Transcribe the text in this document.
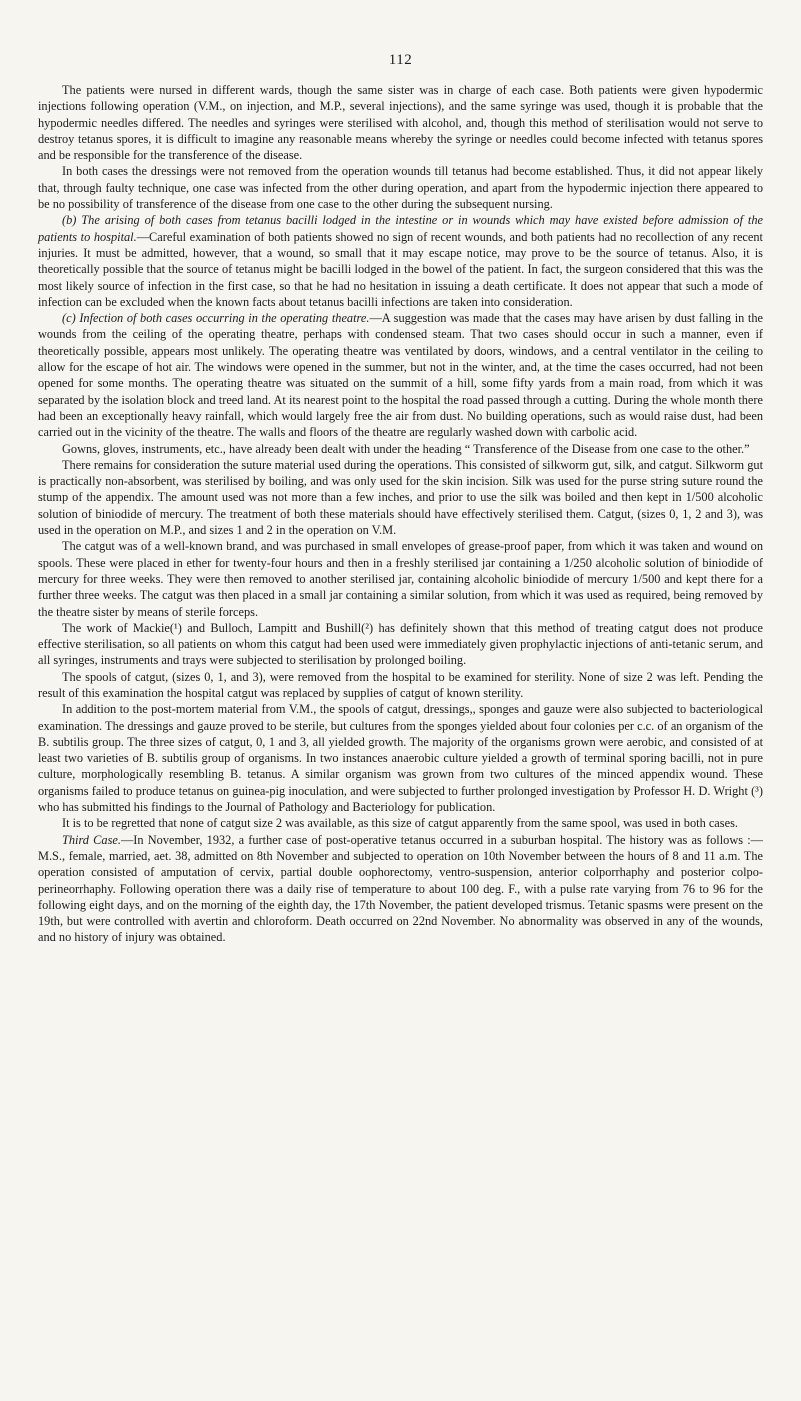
112

The patients were nursed in different wards, though the same sister was in charge of each case. Both patients were given hypodermic injections following operation (V.M., on injection, and M.P., several injections), and the same syringe was used, though it is probable that the hypodermic needles differed. The needles and syringes were sterilised with alcohol, and, though this method of sterilisation would not serve to destroy tetanus spores, it is difficult to imagine any reasonable means whereby the syringe or needles could become infected with tetanus spores and be responsible for the transference of the disease.

In both cases the dressings were not removed from the operation wounds till tetanus had become established. Thus, it did not appear likely that, through faulty technique, one case was infected from the other during operation, and apart from the hypodermic injection there appeared to be no possibility of transference of the disease from one case to the other during the subsequent nursing.

(b) The arising of both cases from tetanus bacilli lodged in the intestine or in wounds which may have existed before admission of the patients to hospital.—Careful examination of both patients showed no sign of recent wounds, and both patients had no recollection of any recent injuries. It must be admitted, however, that a wound, so small that it may escape notice, may prove to be the source of tetanus. Also, it is theoretically possible that the source of tetanus might be bacilli lodged in the bowel of the patient. In fact, the surgeon considered that this was the most likely source of infection in the first case, so that he had no hesitation in issuing a death certificate. It does not appear that such a mode of infection can be excluded when the known facts about tetanus bacilli infections are taken into consideration.

(c) Infection of both cases occurring in the operating theatre.—A suggestion was made that the cases may have arisen by dust falling in the wounds from the ceiling of the operating theatre, perhaps with condensed steam. That two cases should occur in such a manner, even if theoretically possible, appears most unlikely. The operating theatre was ventilated by doors, windows, and a central ventilator in the ceiling to allow for the escape of hot air. The windows were opened in the summer, but not in the winter, and, at the time the cases occurred, had not been opened for some months. The operating theatre was situated on the summit of a hill, some fifty yards from a main road, from which it was separated by the isolation block and treed land. At its nearest point to the hospital the road passed through a cutting. During the whole month there had been an exceptionally heavy rainfall, which would largely free the air from dust. No building operations, such as would raise dust, had been carried out in the vicinity of the theatre. The walls and floors of the theatre are regularly washed down with carbolic acid.

Gowns, gloves, instruments, etc., have already been dealt with under the heading “ Transference of the Disease from one case to the other.”

There remains for consideration the suture material used during the operations. This consisted of silkworm gut, silk, and catgut. Silkworm gut is practically non-absorbent, was sterilised by boiling, and was only used for the skin incision. Silk was used for the purse string suture round the stump of the appendix. The amount used was not more than a few inches, and prior to use the silk was boiled and then kept in 1/500 alcoholic solution of biniodide of mercury. The treatment of both these materials should have effectively sterilised them. Catgut, (sizes 0, 1, 2 and 3), was used in the operation on M.P., and sizes 1 and 2 in the operation on V.M.

The catgut was of a well-known brand, and was purchased in small envelopes of grease-proof paper, from which it was taken and wound on spools. These were placed in ether for twenty-four hours and then in a freshly sterilised jar containing a 1/250 alcoholic solution of biniodide of mercury for three weeks. They were then removed to another sterilised jar, containing alcoholic biniodide of mercury 1/500 and kept there for a further three weeks. The catgut was then placed in a small jar containing a similar solution, from which it was used as required, being removed by the theatre sister by means of sterile forceps.

The work of Mackie(¹) and Bulloch, Lampitt and Bushill(²) has definitely shown that this method of treating catgut does not produce effective sterilisation, so all patients on whom this catgut had been used were immediately given prophylactic injections of anti-tetanic serum, and all syringes, instruments and trays were subjected to sterilisation by prolonged boiling.

The spools of catgut, (sizes 0, 1, and 3), were removed from the hospital to be examined for sterility. None of size 2 was left. Pending the result of this examination the hospital catgut was replaced by supplies of catgut of known sterility.

In addition to the post-mortem material from V.M., the spools of catgut, dressings,, sponges and gauze were also subjected to bacteriological examination. The dressings and gauze proved to be sterile, but cultures from the sponges yielded about four colonies per c.c. of an organism of the B. subtilis group. The three sizes of catgut, 0, 1 and 3, all yielded growth. The majority of the organisms grown were aerobic, and consisted of at least two varieties of B. subtilis group of organisms. In two instances anaerobic culture yielded a growth of terminal sporing bacilli, not in pure culture, morphologically resembling B. tetanus. A similar organism was grown from two cultures of the minced appendix wound. These organisms failed to produce tetanus on guinea-pig inoculation, and were subjected to further prolonged investigation by Professor H. D. Wright (³) who has submitted his findings to the Journal of Pathology and Bacteriology for publication.

It is to be regretted that none of catgut size 2 was available, as this size of catgut apparently from the same spool, was used in both cases.

Third Case.—In November, 1932, a further case of post-operative tetanus occurred in a suburban hospital. The history was as follows :—M.S., female, married, aet. 38, admitted on 8th November and subjected to operation on 10th November between the hours of 8 and 11 a.m. The operation consisted of amputation of cervix, partial double oophorectomy, ventro-suspension, anterior colporrhaphy and posterior colpo-perineorrhaphy. Following operation there was a daily rise of temperature to about 100 deg. F., with a pulse rate varying from 76 to 96 for the following eight days, and on the morning of the eighth day, the 17th November, the patient developed trismus. Tetanic spasms were present on the 19th, but were controlled with avertin and chloroform. Death occurred on 22nd November. No abnormality was observed in any of the wounds, and no history of injury was obtained.
